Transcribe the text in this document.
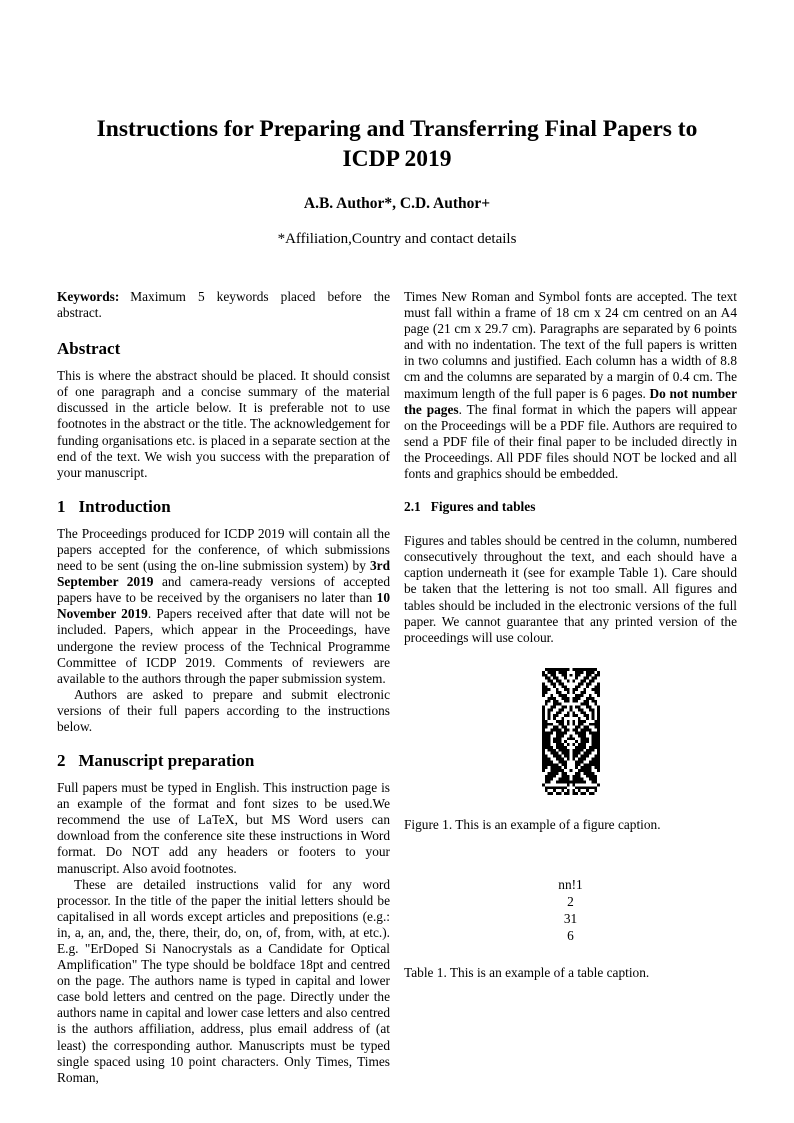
Instructions for Preparing and Transferring Final Papers to
ICDP 2019
A.B. Author*, C.D. Author+
*Affiliation,Country and contact details

Keywords: Maximum 5 keywords placed before the abstract.

Abstract

This is where the abstract should be placed. It should consist of one paragraph and a concise summary of the material discussed in the article below. It is preferable not to use footnotes in the abstract or the title. The acknowledgement for funding organisations etc. is placed in a separate section at the end of the text. We wish you success with the preparation of your manuscript.

1 Introduction

The Proceedings produced for ICDP 2019 will contain all the papers accepted for the conference, of which submissions need to be sent (using the on-line submission system) by 3rd September 2019 and camera-ready versions of accepted papers have to be received by the organisers no later than 10 November 2019. Papers received after that date will not be included. Papers, which appear in the Proceedings, have undergone the review process of the Technical Programme Committee of ICDP 2019. Comments of reviewers are available to the authors through the paper submission system.

Authors are asked to prepare and submit electronic versions of their full papers according to the instructions below.

2 Manuscript preparation

Full papers must be typed in English. This instruction page is an example of the format and font sizes to be used.We recommend the use of LaTeX, but MS Word users can download from the conference site these instructions in Word format. Do NOT add any headers or footers to your manuscript. Also avoid footnotes.

These are detailed instructions valid for any word processor. In the title of the paper the initial letters should be capitalised in all words except articles and prepositions (e.g.: in, a, an, and, the, there, their, do, on, of, from, with, at etc.). E.g. "ErDoped Si Nanocrystals as a Candidate for Optical Amplification" The type should be boldface 18pt and centred on the page. The authors name is typed in capital and lower case bold letters and centred on the page. Directly under the authors name in capital and lower case letters and also centred is the authors affiliation, address, plus email address of (at least) the corresponding author. Manuscripts must be typed single spaced using 10 point characters. Only Times, Times Roman,

Times New Roman and Symbol fonts are accepted. The text must fall within a frame of 18 cm x 24 cm centred on an A4 page (21 cm x 29.7 cm). Paragraphs are separated by 6 points and with no indentation. The text of the full papers is written in two columns and justified. Each column has a width of 8.8 cm and the columns are separated by a margin of 0.4 cm. The maximum length of the full paper is 6 pages. Do not number the pages. The final format in which the papers will appear on the Proceedings will be a PDF file. Authors are required to send a PDF file of their final paper to be included directly in the Proceedings. All PDF files should NOT be locked and all fonts and graphics should be embedded.

2.1 Figures and tables

Figures and tables should be centred in the column, numbered consecutively throughout the text, and each should have a caption underneath it (see for example Table 1). Care should be taken that the lettering is not too small. All figures and tables should be included in the electronic versions of the full paper. We cannot guarantee that any printed version of the proceedings will use colour.

Figure 1. This is an example of a figure caption.

nn!1
2
31
6

Table 1. This is an example of a table caption.
